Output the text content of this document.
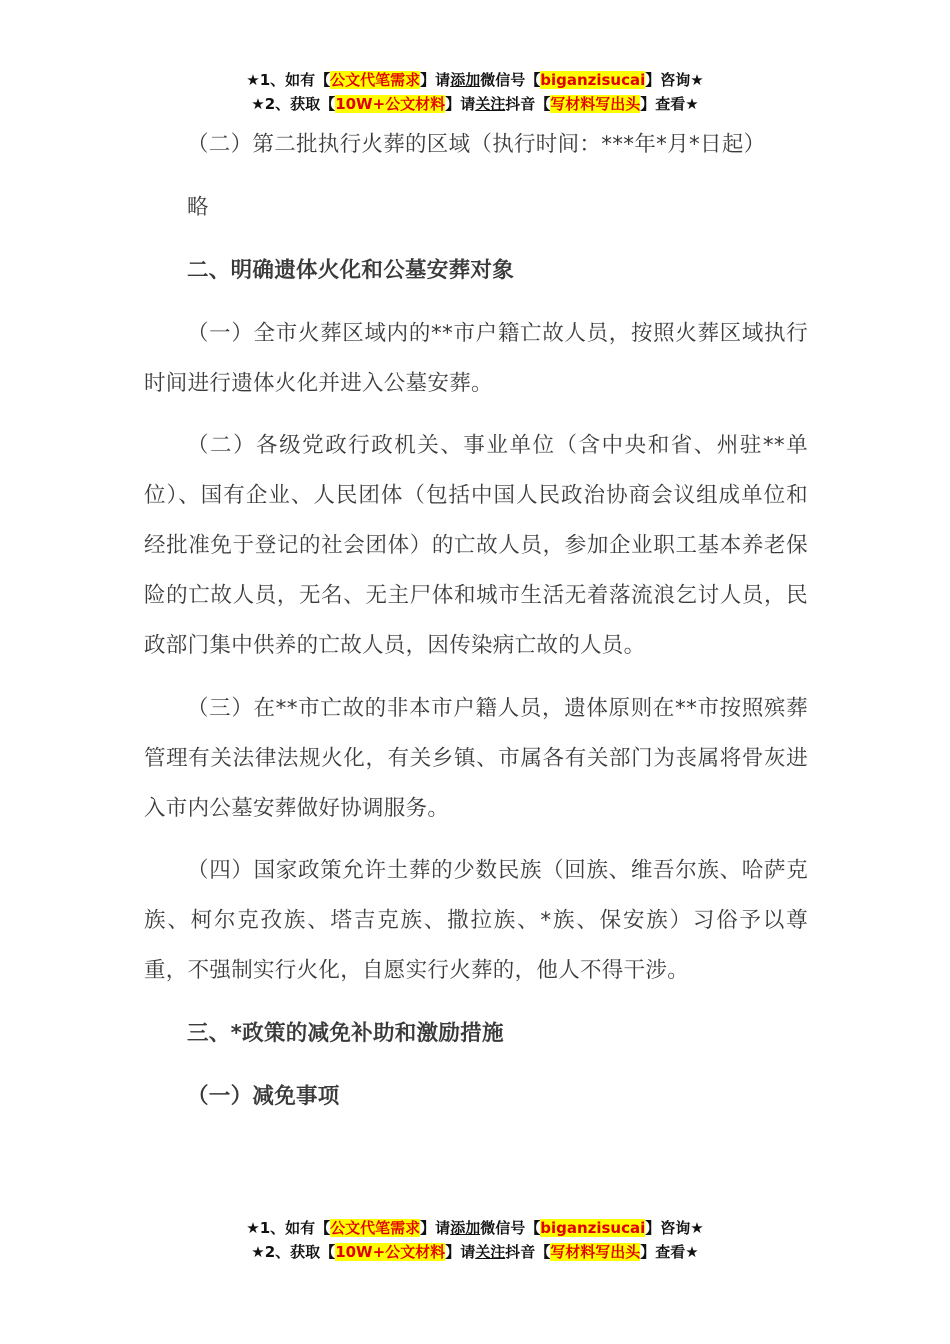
★1、如有【公文代笔需求】请添加微信号【biganzisucai】咨询★
★2、获取【10W+公文材料】请关注抖音【写材料写出头】查看★

（二）第二批执行火葬的区域（执行时间：***年*月*日起）

略

二、明确遗体火化和公墓安葬对象

（一）全市火葬区域内的**市户籍亡故人员，按照火葬区域执行时间进行遗体火化并进入公墓安葬。

（二）各级党政行政机关、事业单位（含中央和省、州驻**单位）、国有企业、人民团体（包括中国人民政治协商会议组成单位和经批准免于登记的社会团体）的亡故人员，参加企业职工基本养老保险的亡故人员，无名、无主尸体和城市生活无着落流浪乞讨人员，民政部门集中供养的亡故人员，因传染病亡故的人员。

（三）在**市亡故的非本市户籍人员，遗体原则在**市按照殡葬管理有关法律法规火化，有关乡镇、市属各有关部门为丧属将骨灰进入市内公墓安葬做好协调服务。

（四）国家政策允许土葬的少数民族（回族、维吾尔族、哈萨克族、柯尔克孜族、塔吉克族、撒拉族、*族、保安族）习俗予以尊重，不强制实行火化，自愿实行火葬的，他人不得干涉。

三、*政策的减免补助和激励措施

（一）减免事项

★1、如有【公文代笔需求】请添加微信号【biganzisucai】咨询★
★2、获取【10W+公文材料】请关注抖音【写材料写出头】查看★
